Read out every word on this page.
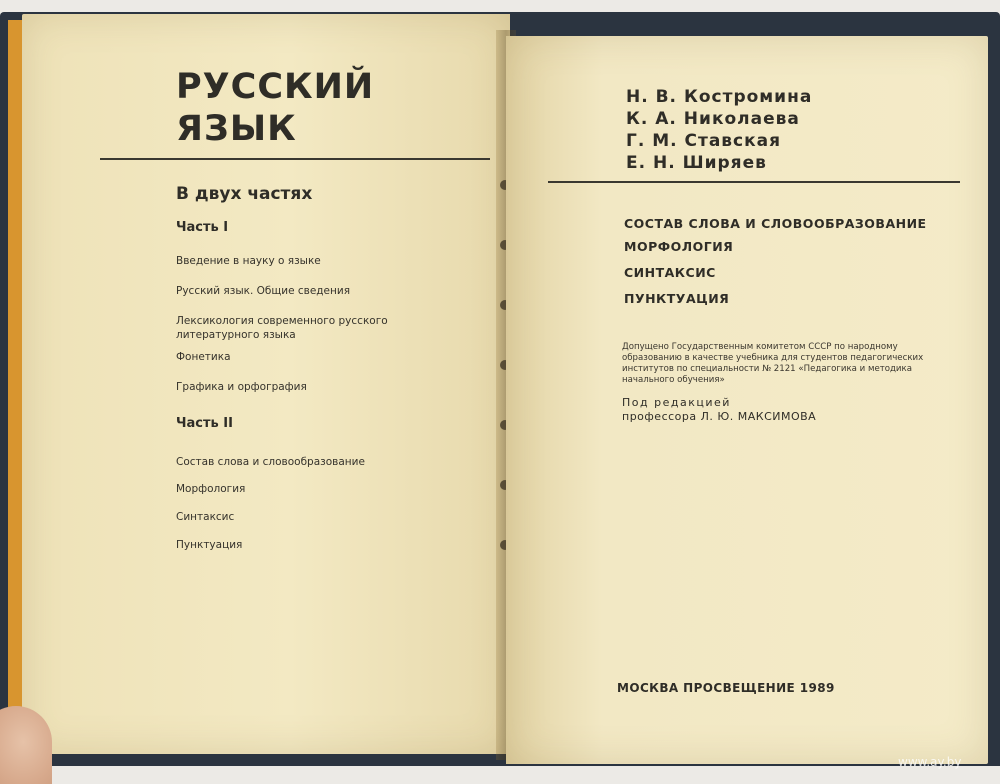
РУССКИЙ
ЯЗЫК
В двух частях
Часть I
Введение в науку о языке
Русский язык. Общие сведения
Лексикология современного русского литературного языка
Фонетика
Графика и орфография
Часть II
Состав слова и словообразование
Морфология
Синтаксис
Пунктуация
Н. В. Костромина
К. А. Николаева
Г. М. Ставская
Е. Н. Ширяев
СОСТАВ СЛОВА И СЛОВООБРАЗОВАНИЕ
МОРФОЛОГИЯ
СИНТАКСИС
ПУНКТУАЦИЯ
Допущено Государственным комитетом СССР по народному образованию в качестве учебника для студентов педагогических институтов по специальности № 2121 «Педагогика и методика начального обучения»
Под редакцией
профессора Л. Ю. МАКСИМОВА
МОСКВА ПРОСВЕЩЕНИЕ 1989
www.ay.by
